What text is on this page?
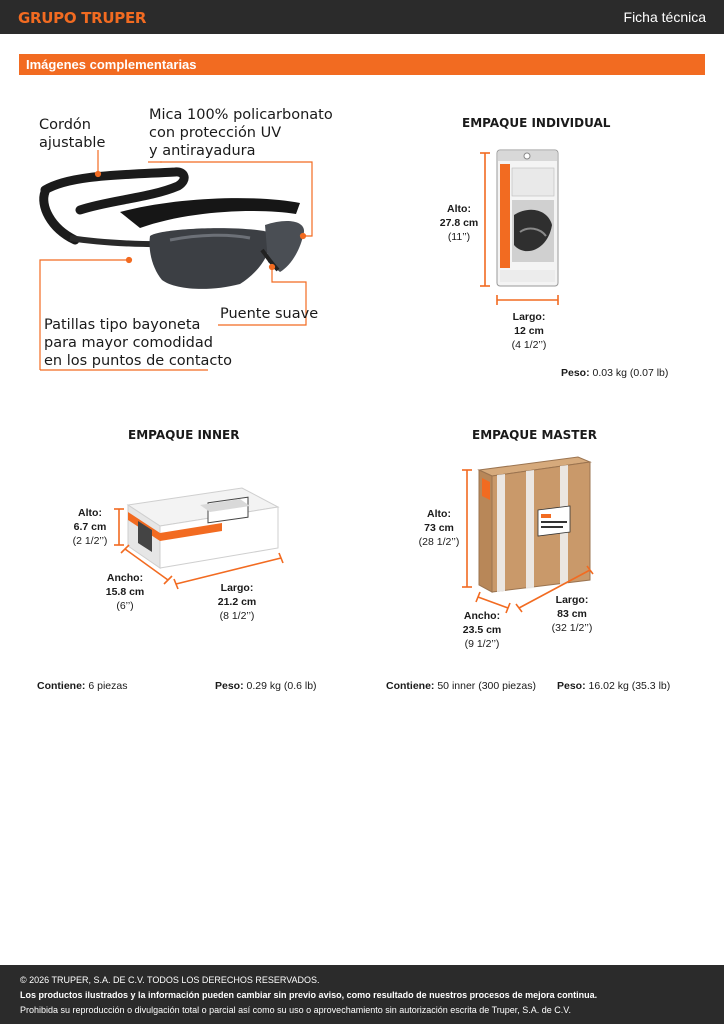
GRUPO TRUPER	Ficha técnica
Imágenes complementarias
Cordón
ajustable
Mica 100% policarbonato
con protección UV
y antirayadura
Puente suave
Patillas tipo bayoneta
para mayor comodidad
en los puntos de contacto
EMPAQUE INDIVIDUAL
Alto:
27.8 cm
(11’’)
Largo:
12 cm
(4 1/2’’)
Peso: 0.03 kg (0.07 lb)
EMPAQUE INNER
Alto:
6.7 cm
(2 1/2’’)
Ancho:
15.8 cm
(6’’)
Largo:
21.2 cm
(8 1/2’’)
Contiene: 6 piezas	Peso: 0.29 kg (0.6 lb)
EMPAQUE MASTER
Alto:
73 cm
(28 1/2’’)
Ancho:
23.5 cm
(9 1/2’’)
Largo:
83 cm
(32 1/2’’)
Contiene: 50 inner (300 piezas) Peso: 16.02 kg (35.3 lb)
© 2026 TRUPER, S.A. DE C.V. TODOS LOS DERECHOS RESERVADOS.
Los productos ilustrados y la información pueden cambiar sin previo aviso, como resultado de nuestros procesos de mejora continua.
Prohibida su reproducción o divulgación total o parcial así como su uso o aprovechamiento sin autorización escrita de Truper, S.A. de C.V.
